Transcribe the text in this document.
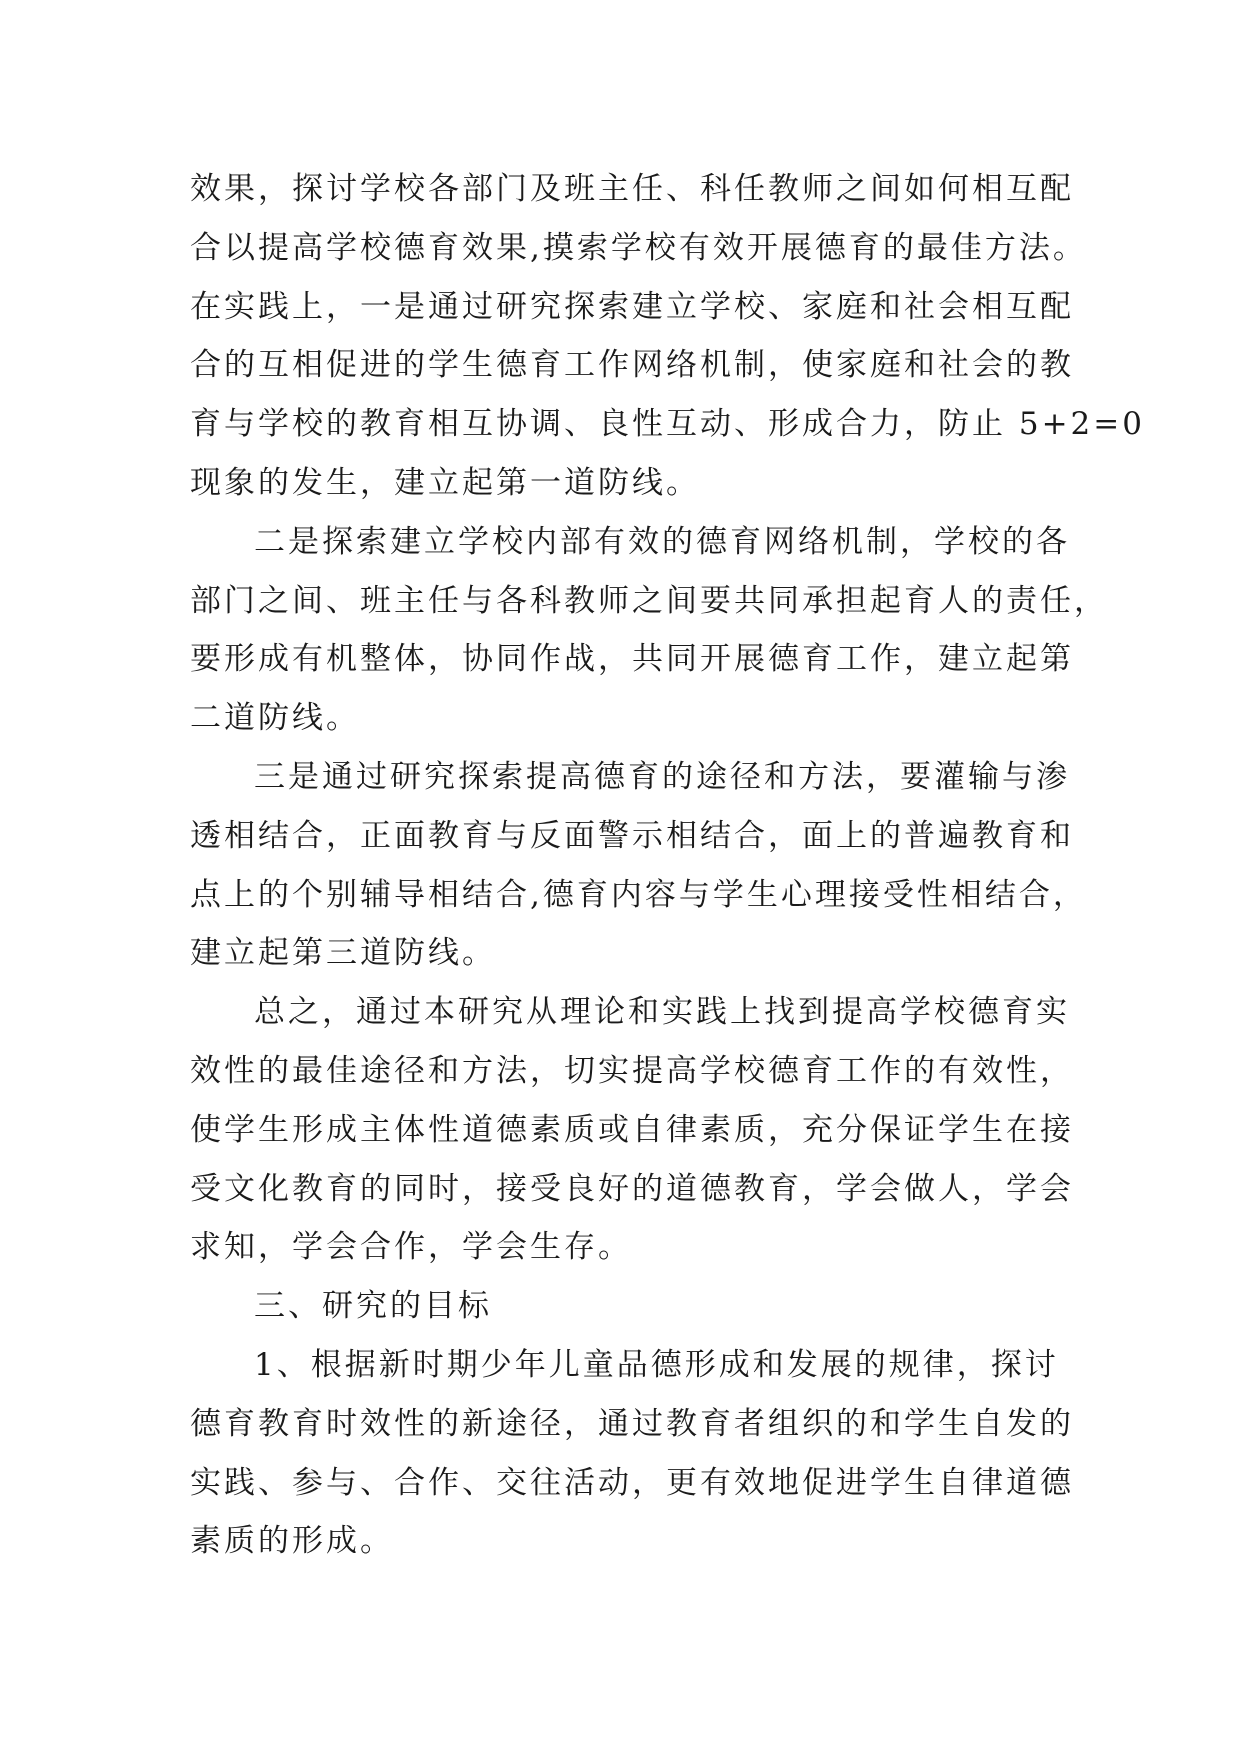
效果，探讨学校各部门及班主任、科任教师之间如何相互配
合以提高学校德育效果,摸索学校有效开展德育的最佳方法。
在实践上，一是通过研究探索建立学校、家庭和社会相互配
合的互相促进的学生德育工作网络机制，使家庭和社会的教
育与学校的教育相互协调、良性互动、形成合力，防止 5+2=0
现象的发生，建立起第一道防线。

二是探索建立学校内部有效的德育网络机制，学校的各
部门之间、班主任与各科教师之间要共同承担起育人的责任，
要形成有机整体，协同作战，共同开展德育工作，建立起第
二道防线。

三是通过研究探索提高德育的途径和方法，要灌输与渗
透相结合，正面教育与反面警示相结合，面上的普遍教育和
点上的个别辅导相结合,德育内容与学生心理接受性相结合，
建立起第三道防线。

总之，通过本研究从理论和实践上找到提高学校德育实
效性的最佳途径和方法，切实提高学校德育工作的有效性，
使学生形成主体性道德素质或自律素质，充分保证学生在接
受文化教育的同时，接受良好的道德教育，学会做人，学会
求知，学会合作，学会生存。

三、研究的目标

1、根据新时期少年儿童品德形成和发展的规律，探讨
德育教育时效性的新途径，通过教育者组织的和学生自发的
实践、参与、合作、交往活动，更有效地促进学生自律道德
素质的形成。
